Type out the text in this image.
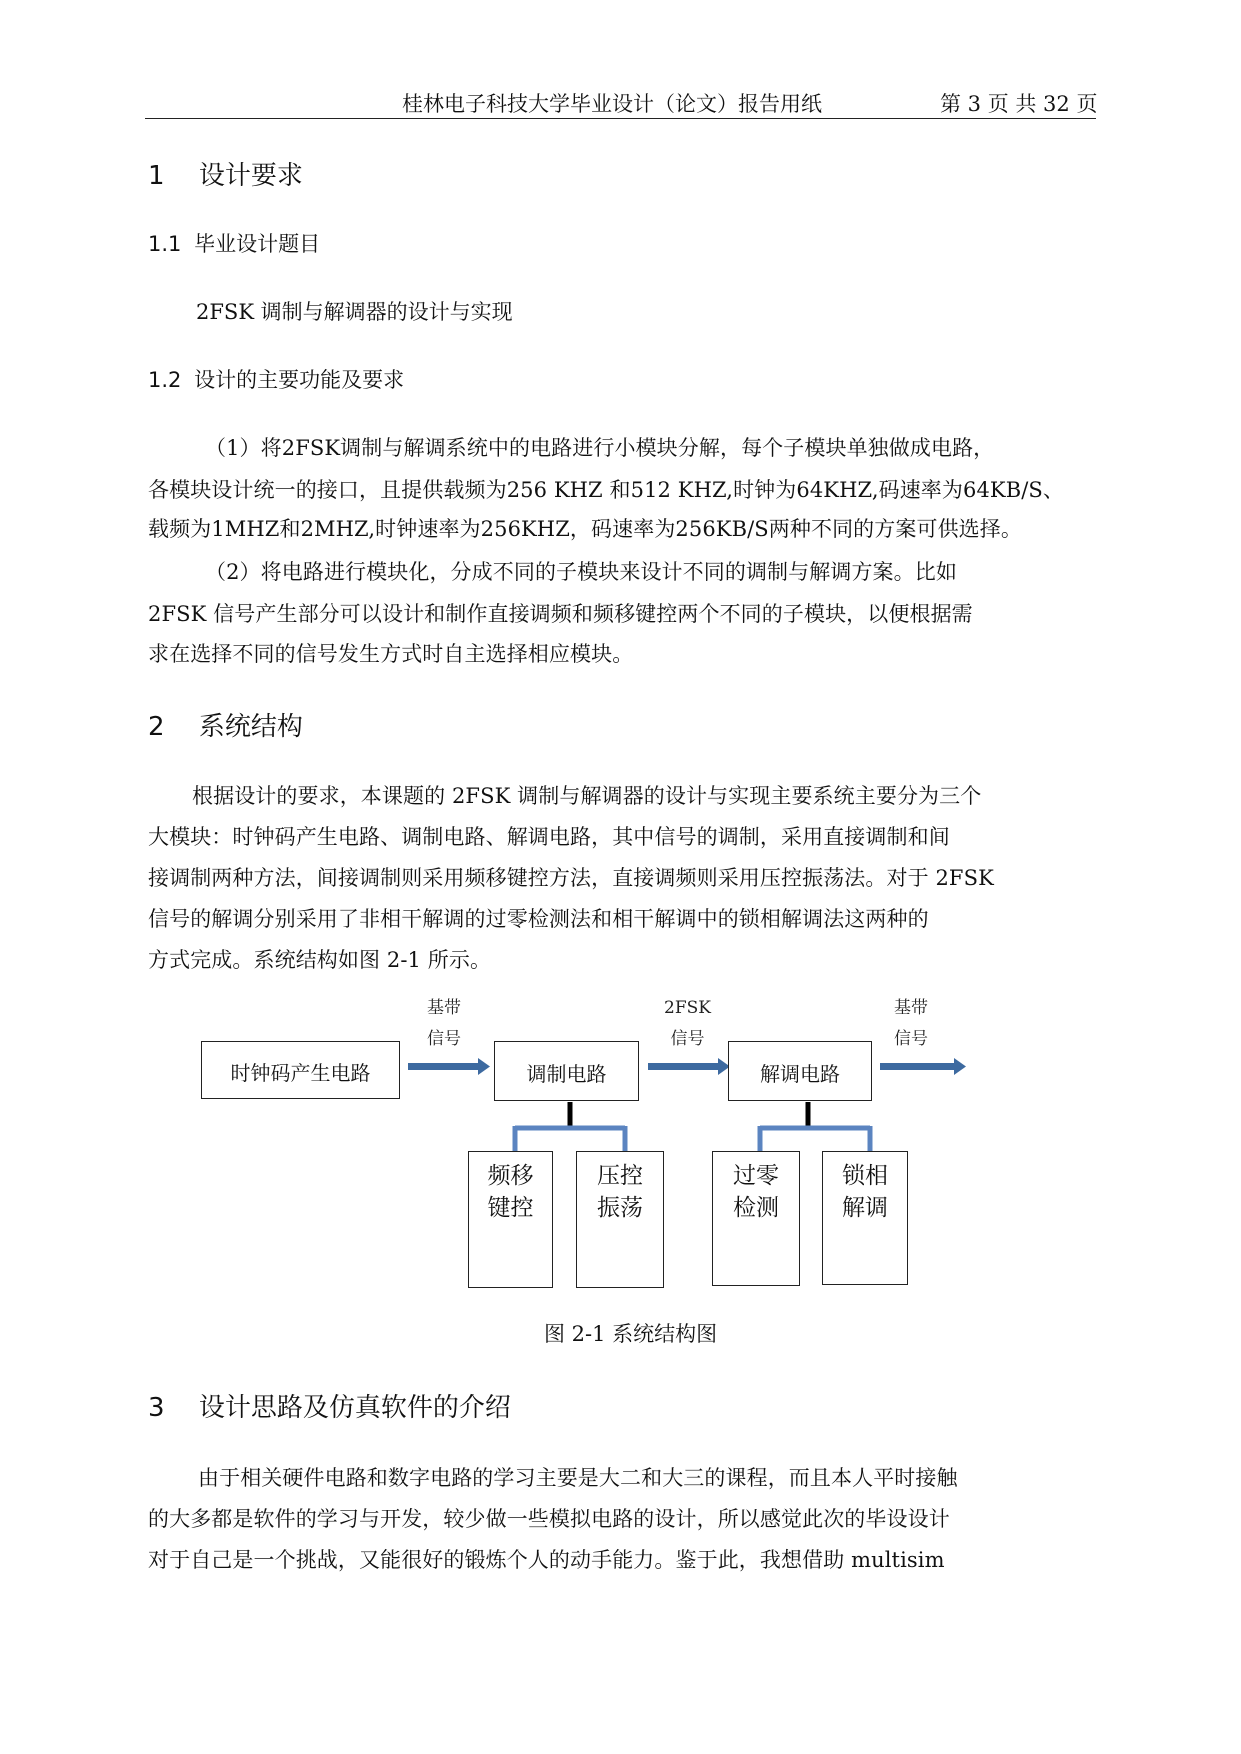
桂林电子科技大学毕业设计（论文）报告用纸	第 3 页 共 32 页
1 设计要求
1.1 毕业设计题目
2FSK 调制与解调器的设计与实现
1.2 设计的主要功能及要求
（1）将2FSK调制与解调系统中的电路进行小模块分解，每个子模块单独做成电路，
各模块设计统一的接口，且提供载频为256 KHZ 和512 KHZ,时钟为64KHZ,码速率为64KB/S、
载频为1MHZ和2MHZ,时钟速率为256KHZ，码速率为256KB/S两种不同的方案可供选择。
（2）将电路进行模块化，分成不同的子模块来设计不同的调制与解调方案。比如
2FSK 信号产生部分可以设计和制作直接调频和频移键控两个不同的子模块，以便根据需
求在选择不同的信号发生方式时自主选择相应模块。
2 系统结构
根据设计的要求，本课题的 2FSK 调制与解调器的设计与实现主要系统主要分为三个
大模块：时钟码产生电路、调制电路、解调电路，其中信号的调制，采用直接调制和间
接调制两种方法，间接调制则采用频移键控方法，直接调频则采用压控振荡法。对于 2FSK
信号的解调分别采用了非相干解调的过零检测法和相干解调中的锁相解调法这两种的
方式完成。系统结构如图 2-1 所示。
基带
信号
2FSK
信号
基带
信号
时钟码产生电路	调制电路	解调电路
频移
键控
压控
振荡
过零
检测
锁相
解调
图 2-1 系统结构图
3 设计思路及仿真软件的介绍
由于相关硬件电路和数字电路的学习主要是大二和大三的课程，而且本人平时接触
的大多都是软件的学习与开发，较少做一些模拟电路的设计，所以感觉此次的毕设设计
对于自己是一个挑战，又能很好的锻炼个人的动手能力。鉴于此，我想借助 multisim
